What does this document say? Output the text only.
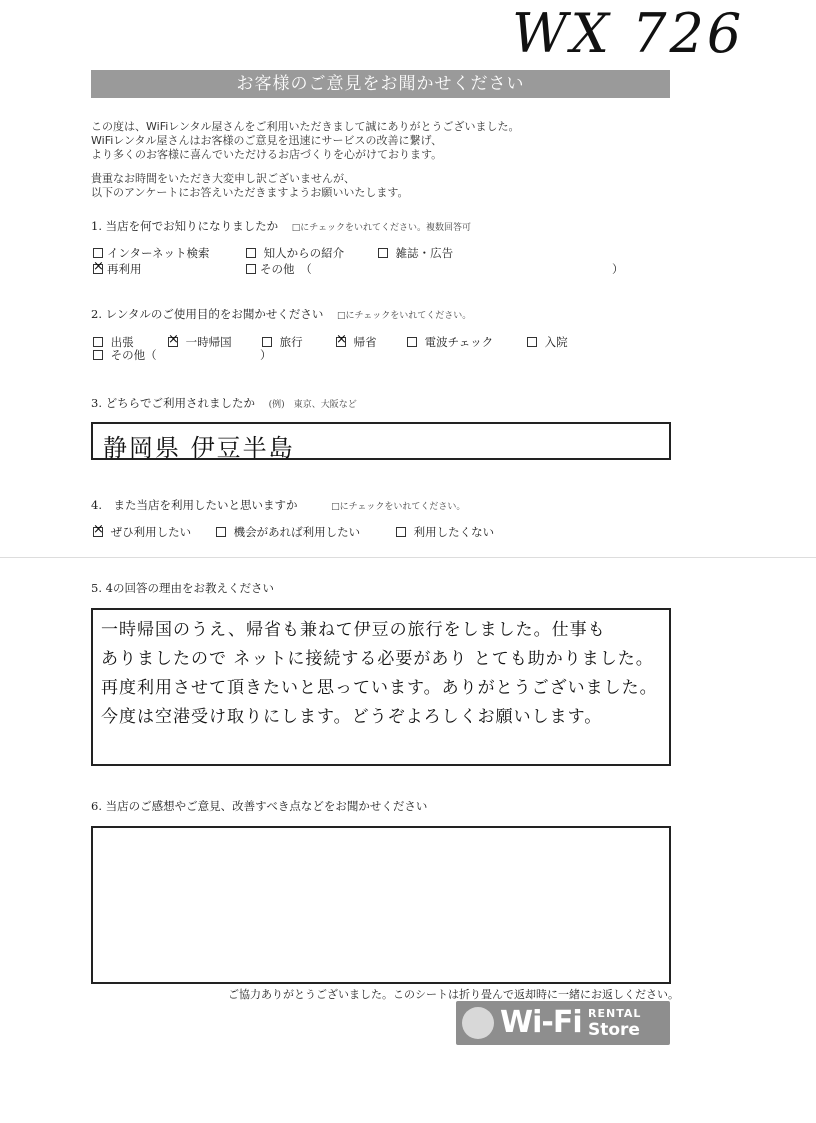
WX 726
お客様のご意見をお聞かせください
この度は、WiFiレンタル屋さんをご利用いただきまして誠にありがとうございました。
WiFiレンタル屋さんはお客様のご意見を迅速にサービスの改善に繋げ、
より多くのお客様に喜んでいただけるお店づくりを心がけております。
貴重なお時間をいただき大変申し訳ございませんが、
以下のアンケートにお答えいただきますようお願いいたします。
1. 当店を何でお知りになりましたか □にチェックをいれてください。複数回答可
インターネット検索	知人からの紹介	雑誌・広告
×再利用	その他　（	）
2. レンタルのご使用目的をお聞かせください □にチェックをいれてください。
出張 ×	一時帰国	旅行 ×	帰省	電波チェック	入院
その他（	）
3. どちらでご利用されましたか (例)　東京、大阪など
静岡県 伊豆半島
4.　また当店を利用したいと思いますか	□にチェックをいれてください。
× ぜひ利用したい	機会があれば利用したい	利用したくない
5. 4の回答の理由をお教えください
一時帰国のうえ、帰省も兼ねて伊豆の旅行をしました。仕事も
ありましたので ネットに接続する必要があり とても助かりました。
再度利用させて頂きたいと思っています。ありがとうございました。
今度は空港受け取りにします。どうぞよろしくお願いします。
6. 当店のご感想やご意見、改善すべき点などをお聞かせください
ご協力ありがとうございました。このシートは折り畳んで返却時に一緒にお返しください。
Wi-Fi RENTAL
Store
